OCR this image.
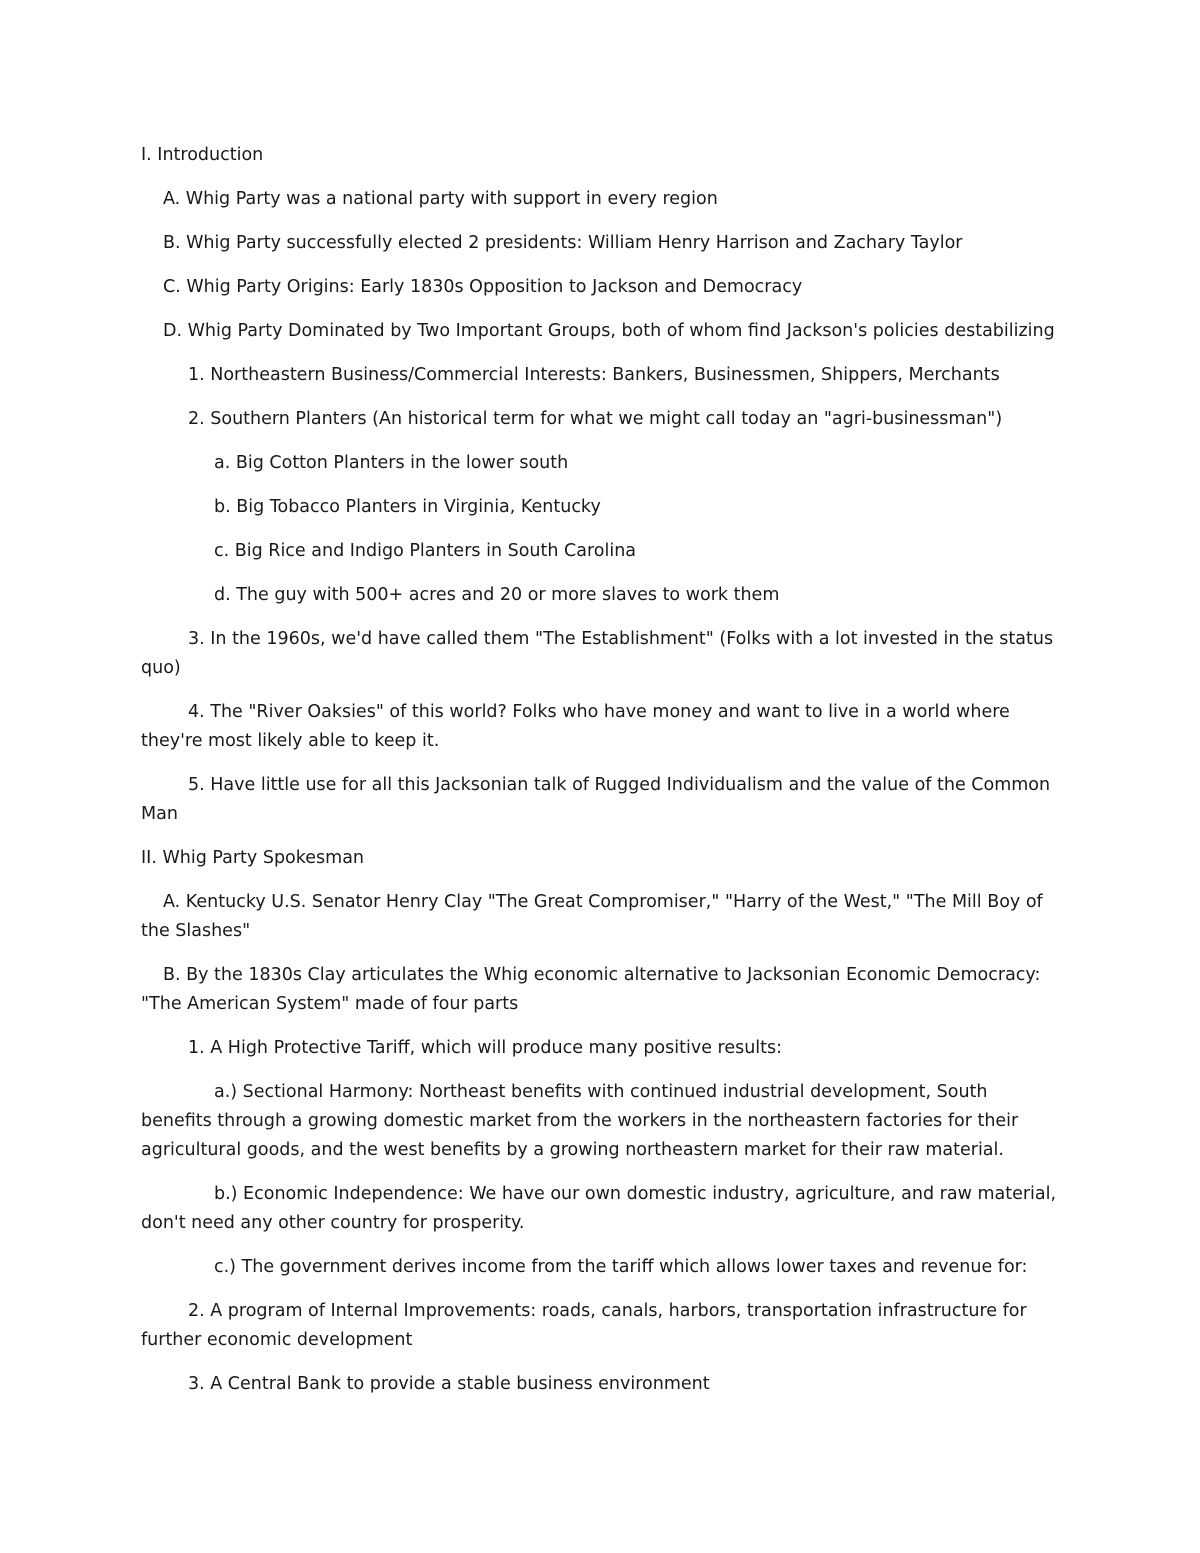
I. Introduction

A. Whig Party was a national party with support in every region

B. Whig Party successfully elected 2 presidents: William Henry Harrison and Zachary Taylor

C. Whig Party Origins: Early 1830s Opposition to Jackson and Democracy

D. Whig Party Dominated by Two Important Groups, both of whom find Jackson's policies destabilizing

1. Northeastern Business/Commercial Interests: Bankers, Businessmen, Shippers, Merchants

2. Southern Planters (An historical term for what we might call today an "agri-businessman")

a. Big Cotton Planters in the lower south

b. Big Tobacco Planters in Virginia, Kentucky

c. Big Rice and Indigo Planters in South Carolina

d. The guy with 500+ acres and 20 or more slaves to work them

3. In the 1960s, we'd have called them "The Establishment" (Folks with a lot invested in the status quo)

4. The "River Oaksies" of this world? Folks who have money and want to live in a world where they're most likely able to keep it.

5. Have little use for all this Jacksonian talk of Rugged Individualism and the value of the Common Man

II. Whig Party Spokesman

A. Kentucky U.S. Senator Henry Clay "The Great Compromiser," "Harry of the West," "The Mill Boy of the Slashes"

B. By the 1830s Clay articulates the Whig economic alternative to Jacksonian Economic Democracy: "The American System" made of four parts

1. A High Protective Tariff, which will produce many positive results:

a.) Sectional Harmony: Northeast benefits with continued industrial development, South benefits through a growing domestic market from the workers in the northeastern factories for their agricultural goods, and the west benefits by a growing northeastern market for their raw material.

b.) Economic Independence: We have our own domestic industry, agriculture, and raw material, don't need any other country for prosperity.

c.) The government derives income from the tariff which allows lower taxes and revenue for:

2. A program of Internal Improvements: roads, canals, harbors, transportation infrastructure for further economic development

3. A Central Bank to provide a stable business environment
